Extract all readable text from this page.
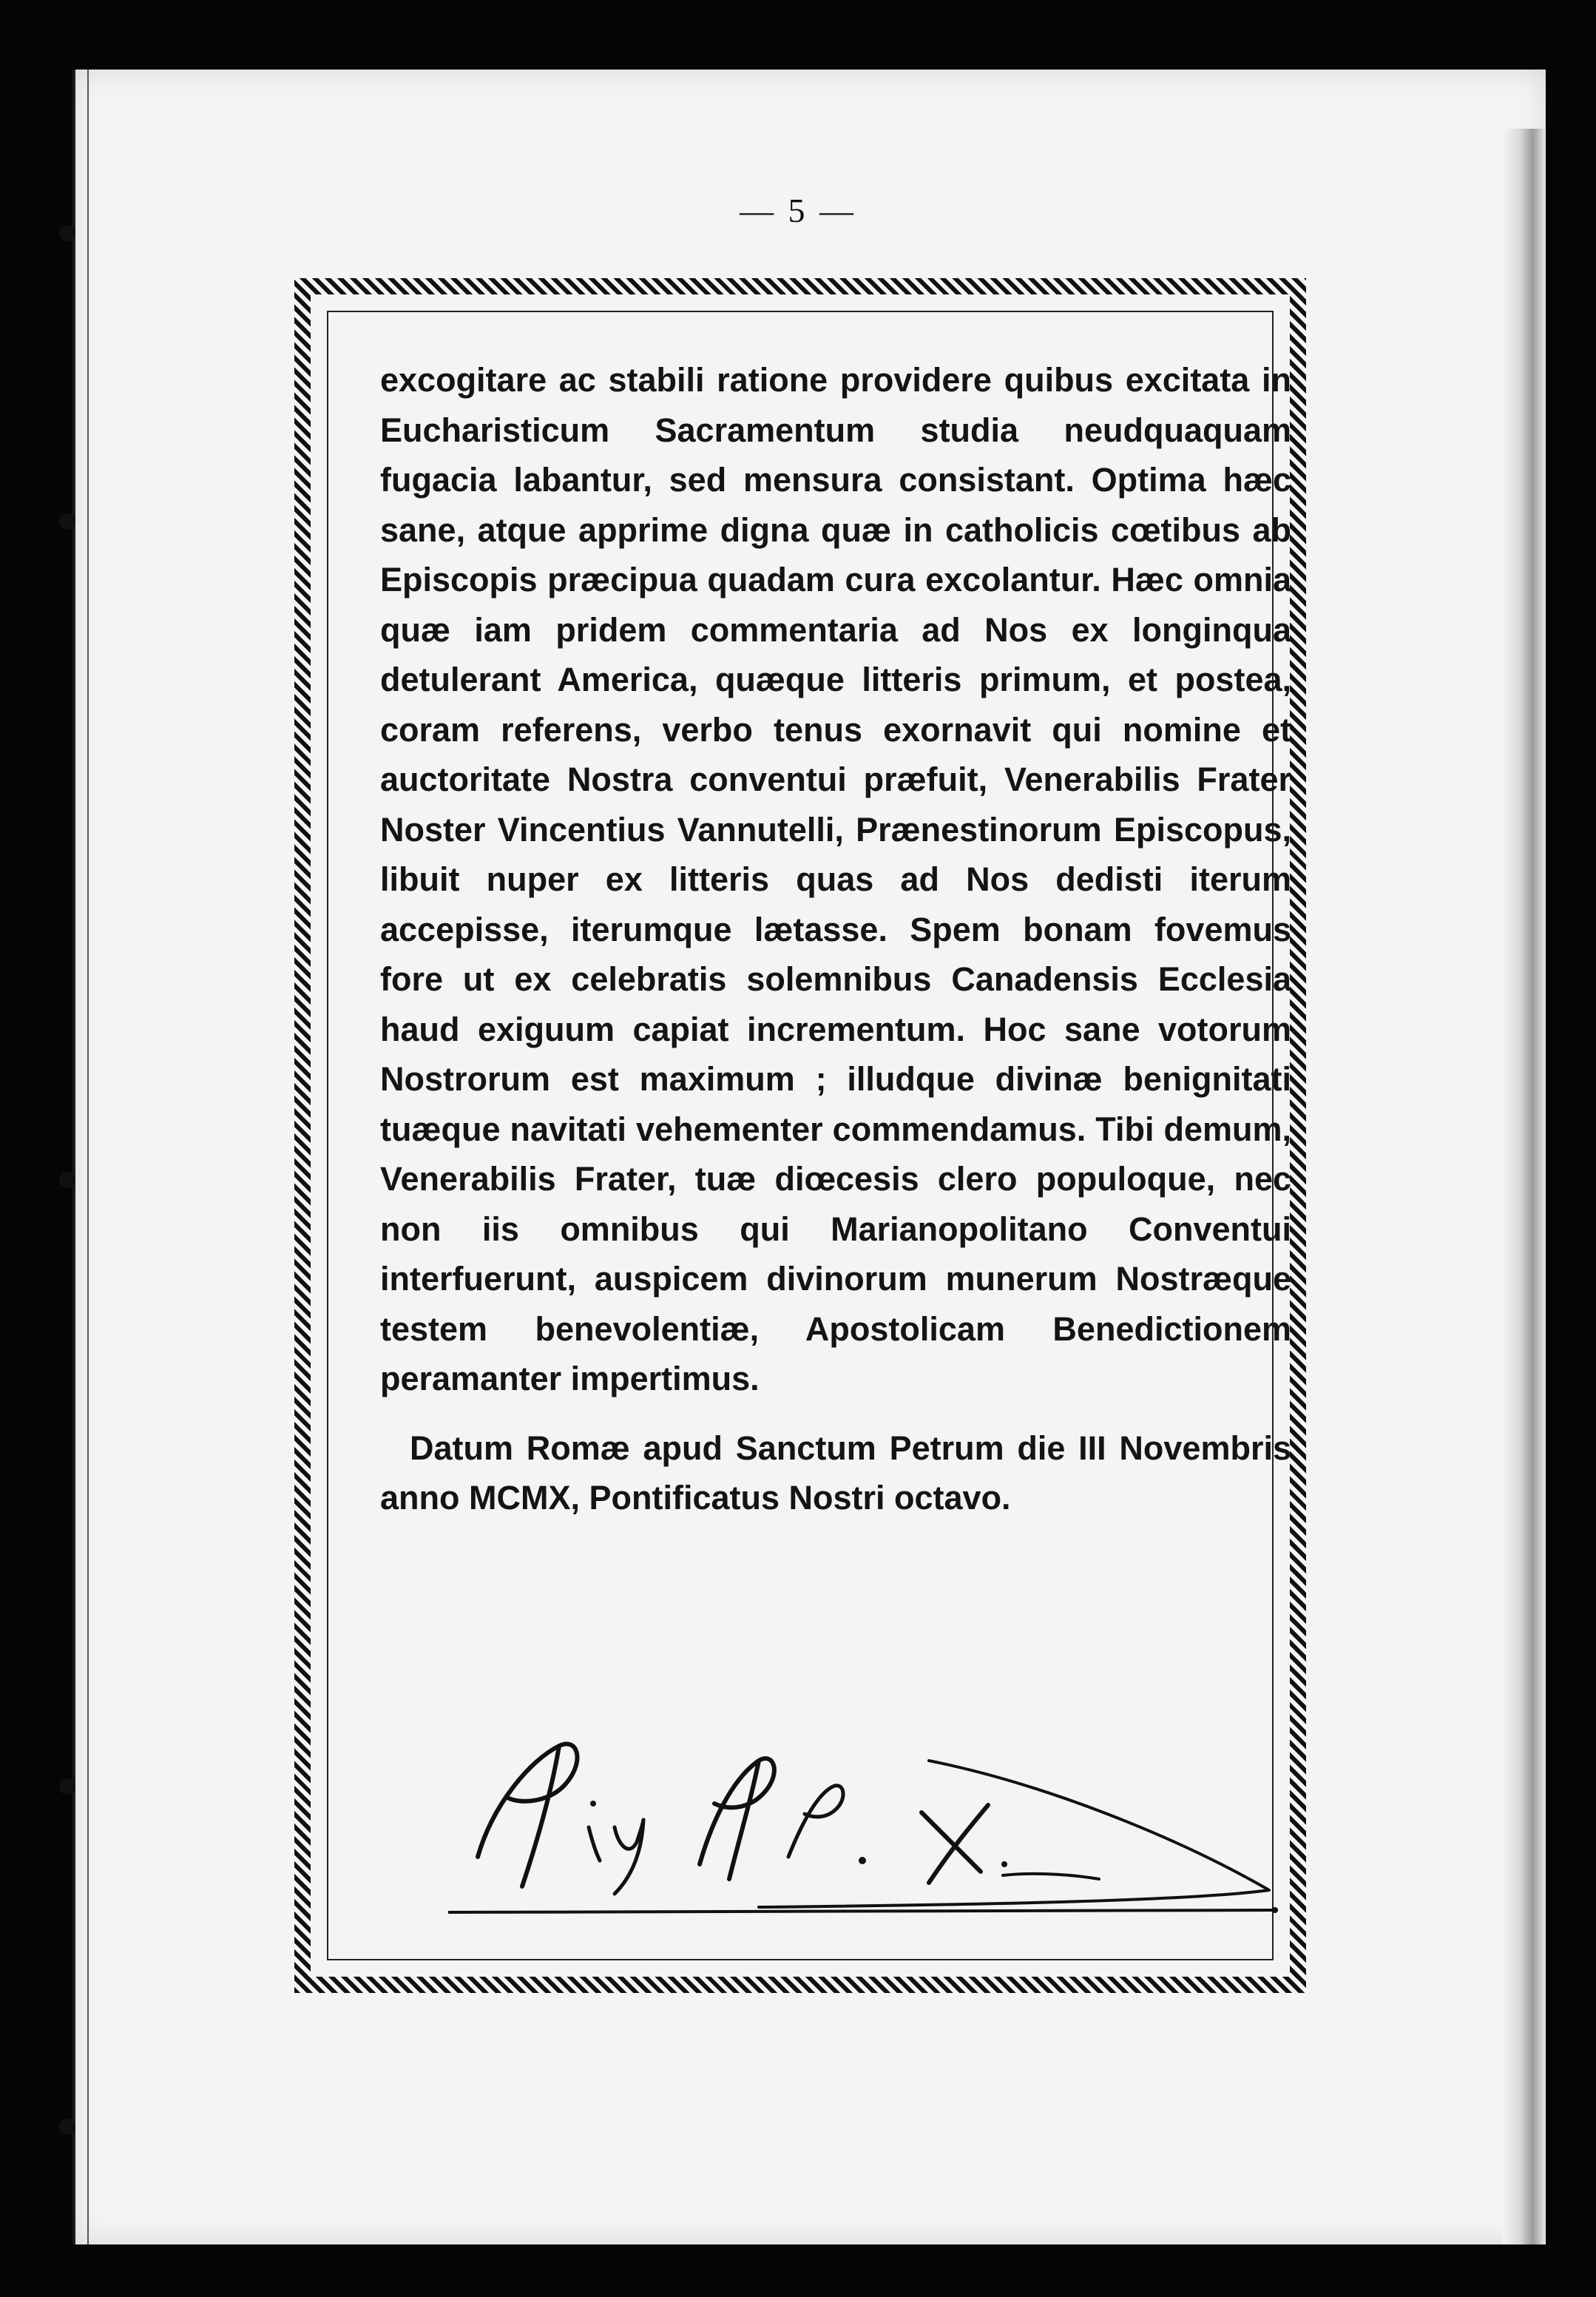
— 5 —

excogitare ac stabili ratione providere quibus excitata in Eucharisticum Sacramentum studia neudquaquam fugacia labantur, sed mensura consistant. Optima hæc sane, atque apprime digna quæ in catholicis cœtibus ab Episcopis præcipua quadam cura excolantur. Hæc omnia quæ iam pridem commentaria ad Nos ex longinqua detulerant America, quæque litteris primum, et postea, coram referens, verbo tenus exornavit qui nomine et auctoritate Nostra conventui præfuit, Venerabilis Frater Noster Vincentius Vannutelli, Prænestinorum Episcopus, libuit nuper ex litteris quas ad Nos dedisti iterum accepisse, iterumque lætasse. Spem bonam fovemus fore ut ex celebratis solemnibus Canadensis Ecclesia haud exiguum capiat incrementum. Hoc sane votorum Nostrorum est maximum ; illudque divinæ benignitati tuæque navitati vehementer commendamus. Tibi demum, Venerabilis Frater, tuæ diœcesis clero populoque, nec non iis omnibus qui Marianopolitano Conventui interfuerunt, auspicem divinorum munerum Nostræque testem benevolentiæ, Apostolicam Benedictionem peramanter impertimus.

Datum Romæ apud Sanctum Petrum die III Novembris anno MCMX, Pontificatus Nostri octavo.
